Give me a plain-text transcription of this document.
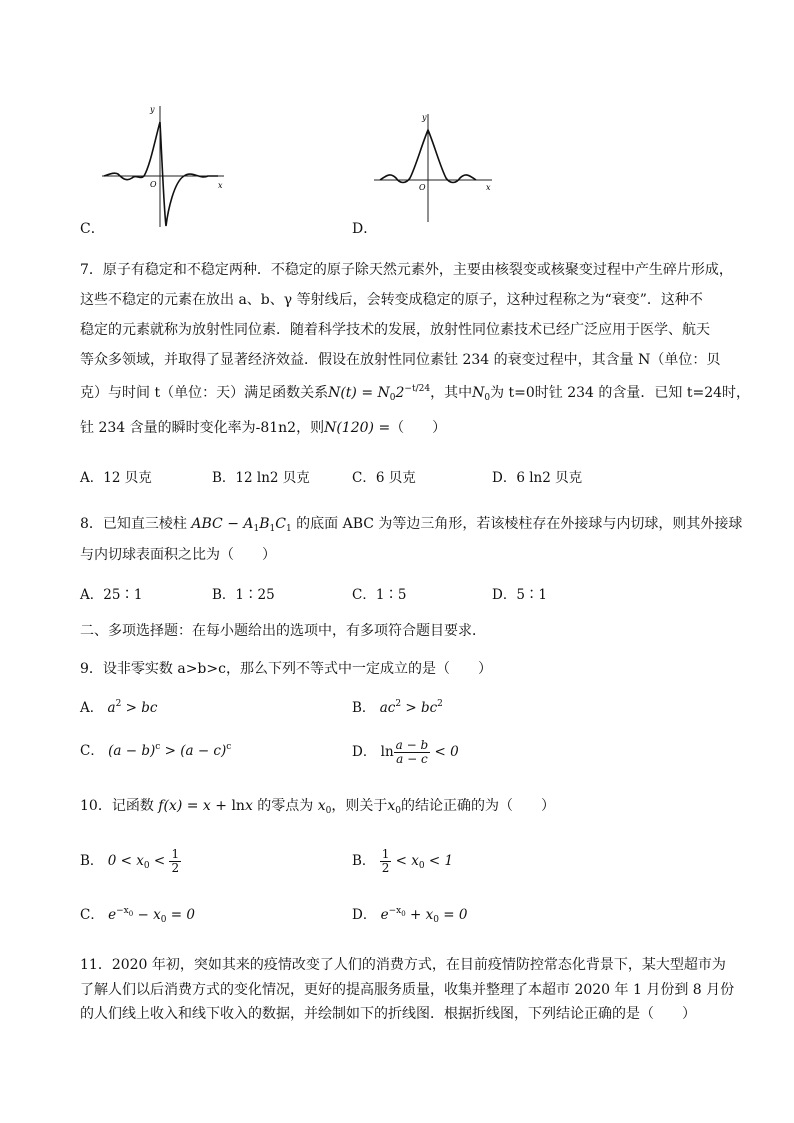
y
x
O
C．
y
x
O
D．
7．原子有稳定和不稳定两种．不稳定的原子除天然元素外，主要由核裂变或核聚变过程中产生碎片形成，
这些不稳定的元素在放出 a、b、γ 等射线后，会转变成稳定的原子，这种过程称之为“衰变”．这种不
稳定的元素就称为放射性同位素．随着科学技术的发展，放射性同位素技术已经广泛应用于医学、航天
等众多领域，并取得了显著经济效益．假设在放射性同位素钍 234 的衰变过程中，其含量 N（单位：贝
克）与时间 t（单位：天）满足函数关系$N(t) = N_02^{-t/24}$，其中$N_0$为 t=0时钍 234 的含量．已知 t=24时，
钍 234 含量的瞬时变化率为-81n2，则N(120) =（　　）
A．12 贝克	B．12 ln2 贝克	C．6 贝克	D．6 ln2 贝克
8．已知直三棱柱 ABC − $A_1B_1C_1$ 的底面 ABC 为等边三角形，若该棱柱存在外接球与内切球，则其外接球
与内切球表面积之比为（　　）
A．25∶1	B．1∶25	C．1∶5	D．5∶1
二、多项选择题：在每小题给出的选项中，有多项符合题目要求．
9．设非零实数 a>b>c，那么下列不等式中一定成立的是（　　）
A． $a^2$ > bc	B． $ac^2 > bc^2$
C． $(a - b)^c > (a - c)^c$	D． $\ln \frac{a - b}{a - c} < 0$
10．记函数 f(x) = x + lnx 的零点为 $x_0$，则关于$x_0$的结论正确的为（　　）
B． $0 < x_0 < \frac{1}{2}$	B． $\frac{1}{2} < x_0 < 1$
C． $e^{-x_0} - x_0 = 0$	D． $e^{-x_0} + x_0 = 0$
11．2020 年初，突如其来的疫情改变了人们的消费方式，在目前疫情防控常态化背景下，某大型超市为
了解人们以后消费方式的变化情况，更好的提高服务质量，收集并整理了本超市 2020 年 1 月份到 8 月份
的人们线上收入和线下收入的数据，并绘制如下的折线图．根据折线图，下列结论正确的是（　　）
